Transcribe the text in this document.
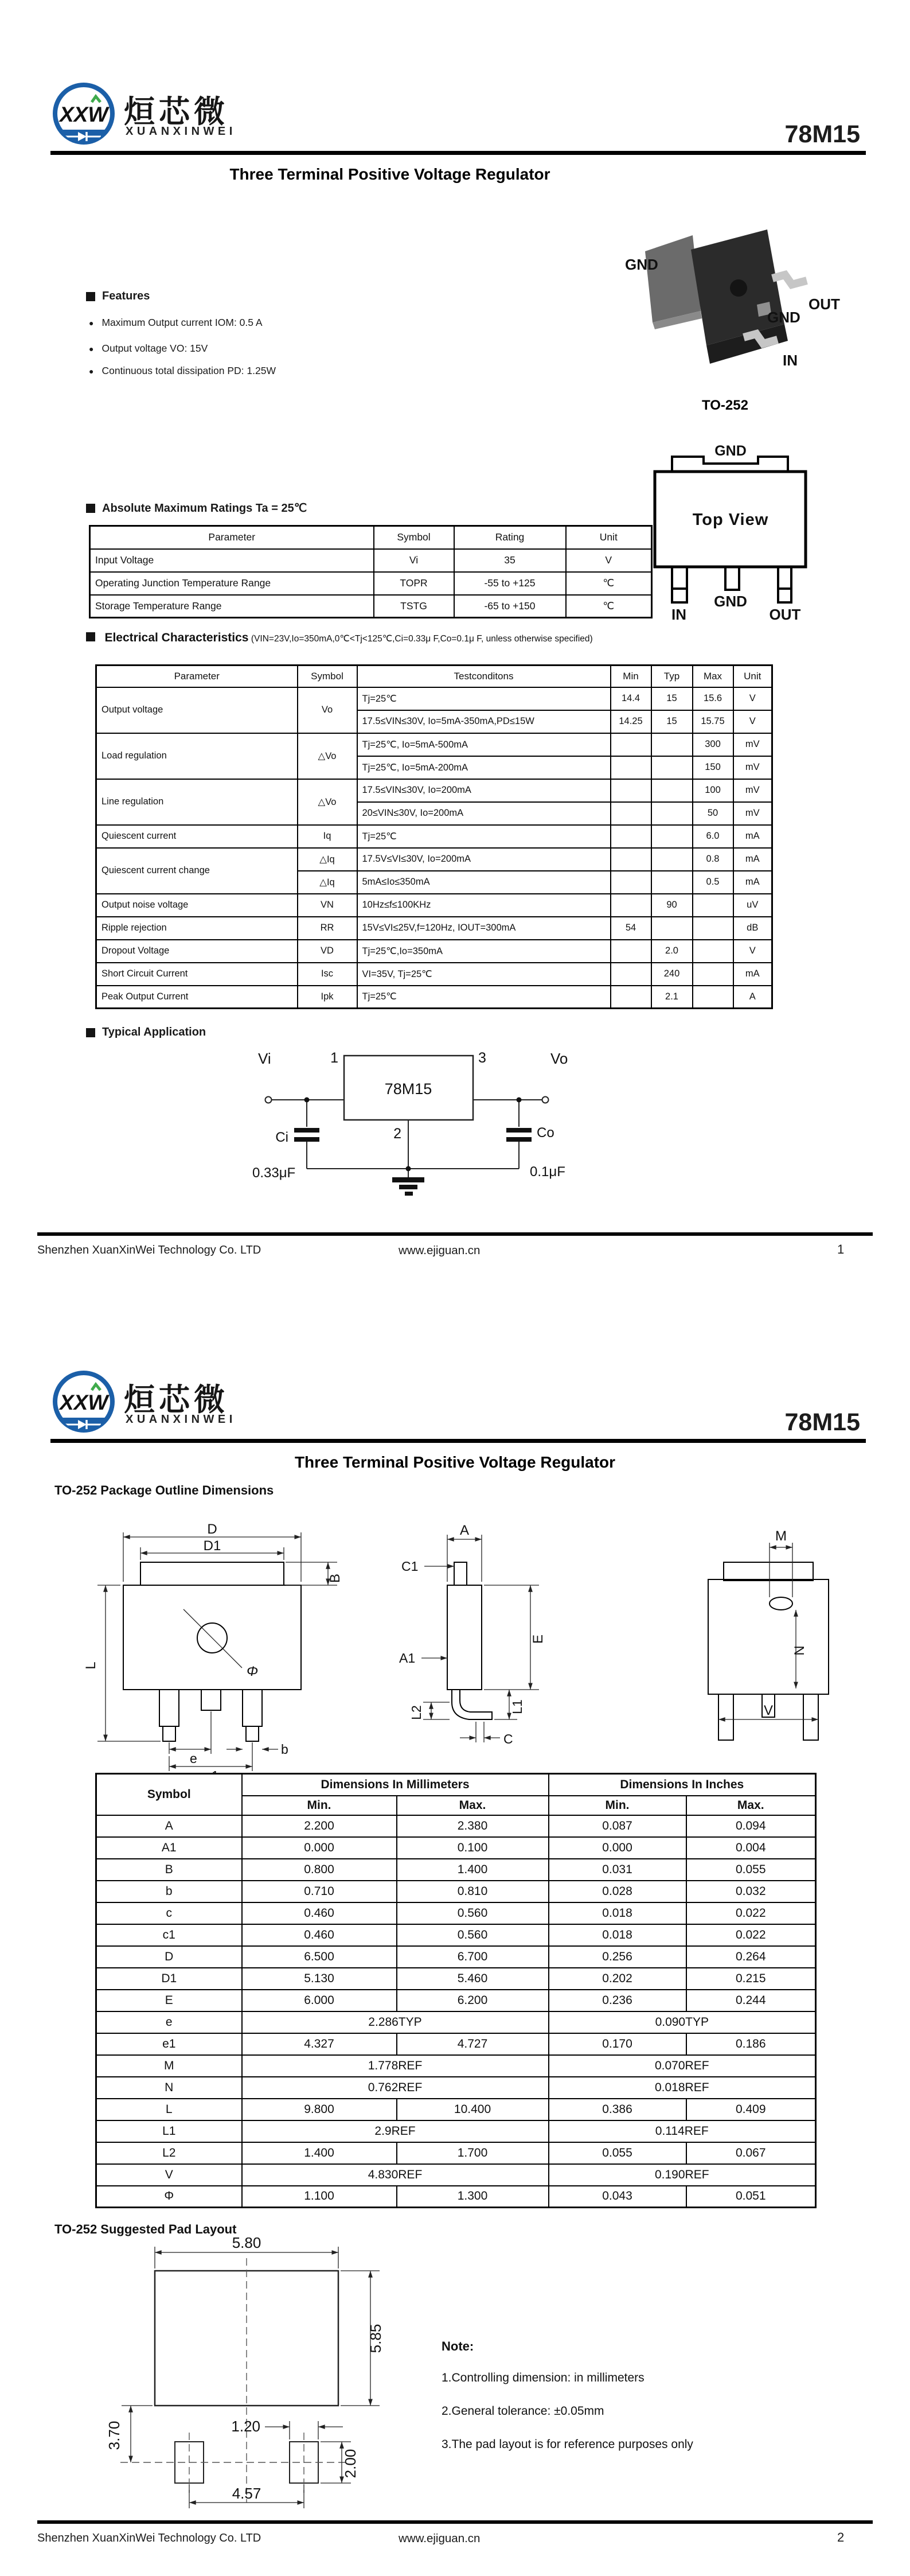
XXW 烜芯微
XUANXINWEI	78M15
Three Terminal Positive Voltage Regulator
Features
● Maximum Output current IOM: 0.5 A
● Output voltage VO: 15V
● Continuous total dissipation PD: 1.25W
GND
OUT
GND
IN
TO-252
GND
Top View
IN
GND
OUT
Absolute Maximum Ratings Ta = 25℃
Parameter	Symbol	Rating	Unit
Input Voltage	Vi	35	V
Operating Junction Temperature Range	TOPR	-55 to +125	℃
Storage Temperature Range	TSTG	-65 to +150	℃
Electrical Characteristics (VIN=23V,Io=350mA,0℃<Tj<125℃,Ci=0.33μ F,Co=0.1μ F, unless otherwise specified)
Parameter	Symbol	Testconditons	Min	Typ	Max	Unit
Output voltage	Vo	Tj=25℃	14.4	15	15.6	V
		17.5≤VIN≤30V, Io=5mA-350mA,PD≤15W	14.25	15	15.75	V
Load regulation	△Vo	Tj=25℃, Io=5mA-500mA			300	mV
		Tj=25℃, Io=5mA-200mA			150	mV
Line regulation	△Vo	17.5≤VIN≤30V, Io=200mA			100	mV
		20≤VIN≤30V, Io=200mA			50	mV
Quiescent current	Iq	Tj=25℃			6.0	mA
Quiescent current change	△Iq	17.5V≤VI≤30V, Io=200mA			0.8	mA
	△Iq	5mA≤Io≤350mA			0.5	mA
Output noise voltage	VN	10Hz≤f≤100KHz		90		uV
Ripple rejection	RR	15V≤VI≤25V,f=120Hz, IOUT=300mA	54			dB
Dropout Voltage	VD	Tj=25℃,Io=350mA		2.0		V
Short Circuit Current	Isc	VI=35V, Tj=25℃		240		mA
Peak Output Current	Ipk	Tj=25℃		2.1		A
Typical Application
78M15
Vi	Vo
1	3
2
Ci
0.33μF
Co
0.1μF
Shenzhen XuanXinWei Technology Co. LTD	www.ejiguan.cn	1
XXW 烜芯微
XUANXINWEI	78M15
Three Terminal Positive Voltage Regulator
TO-252 Package Outline Dimensions
D
D1
B
L	Φ
e
b
A
C1
A1
E
L1
L2
C
M
N
V
Symbol	Dimensions In Millimeters		Dimensions In Inches	
	Min.	Max.	Min.	Max.
A	2.200	2.380	0.087	0.094
A1	0.000	0.100	0.000	0.004
B	0.800	1.400	0.031	0.055
b	0.710	0.810	0.028	0.032
c	0.460	0.560	0.018	0.022
c1	0.460	0.560	0.018	0.022
D	6.500	6.700	0.256	0.264
D1	5.130	5.460	0.202	0.215
E	6.000	6.200	0.236	0.244
e	2.286TYP		0.090TYP	
e1	4.327	4.727	0.170	0.186
M	1.778REF		0.070REF	
N	0.762REF		0.018REF	
L	9.800	10.400	0.386	0.409
L1	2.9REF		0.114REF	
L2	1.400	1.700	0.055	0.067
V	4.830REF		0.190REF	
Φ	1.100	1.300	0.043	0.051
TO-252 Suggested Pad Layout
5.80
5.85
3.70	1.20
2.00
4.57
Note:
1.Controlling dimension: in millimeters
2.General tolerance: ±0.05mm
3.The pad layout is for reference purposes only
Shenzhen XuanXinWei Technology Co. LTD	www.ejiguan.cn	2
